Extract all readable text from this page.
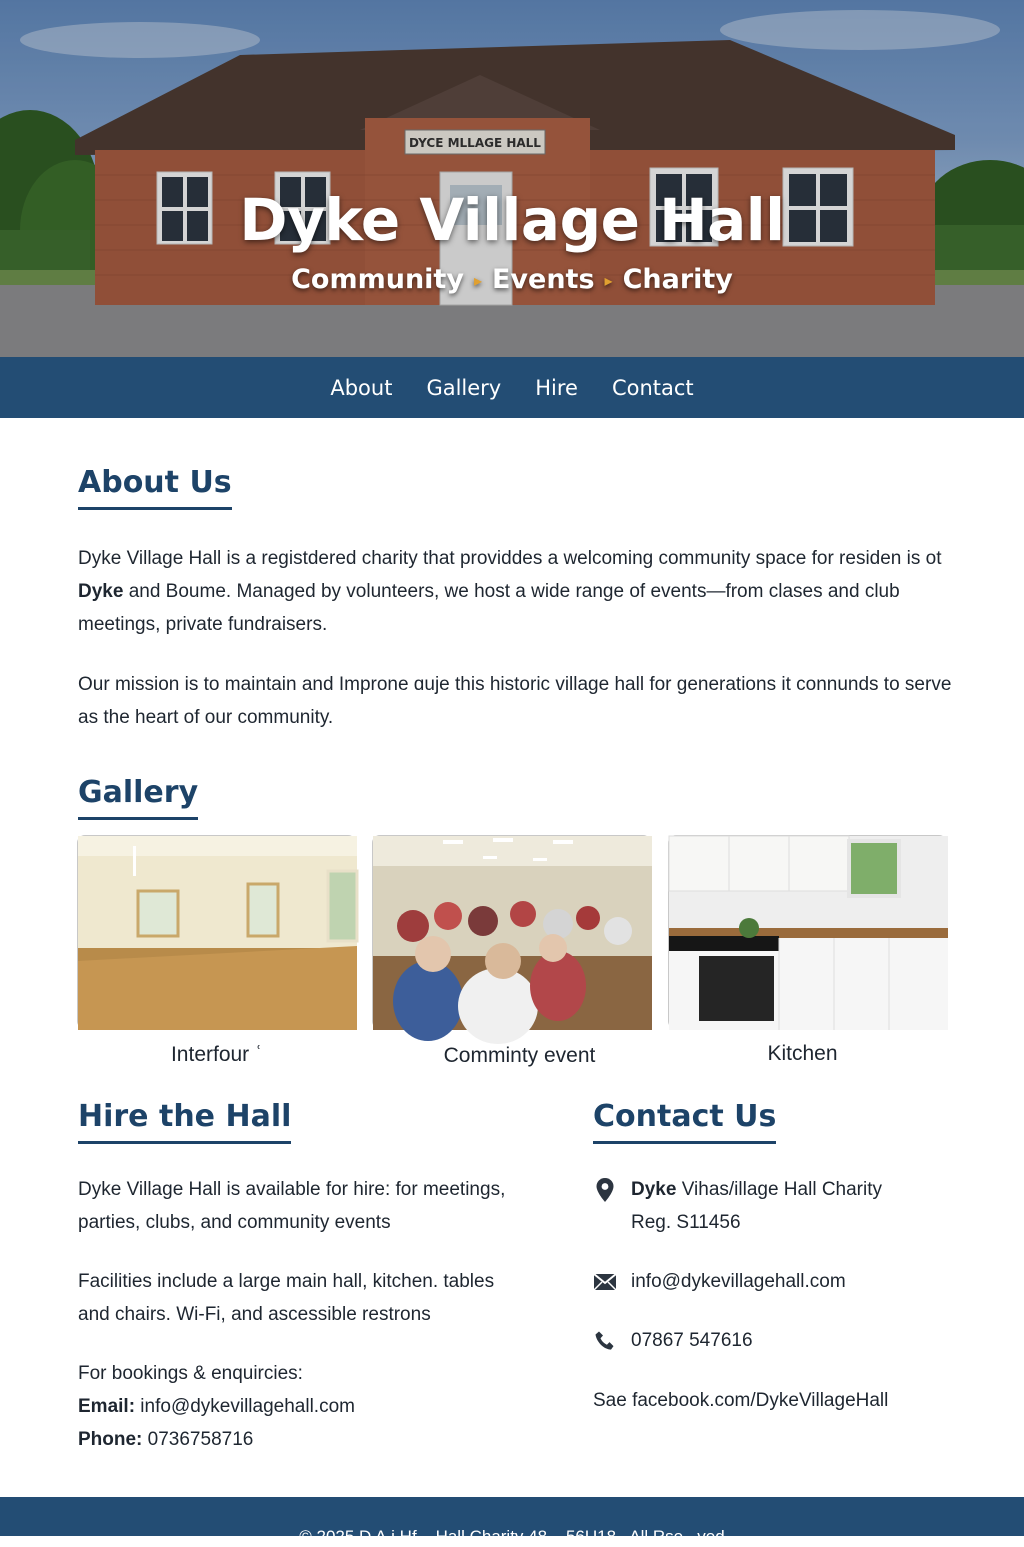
DYCE MLLAGE HALL
Dyke Village Hall
Community ▸ Events ▸ Charity
About Gallery Hire Contact
About Us
Dyke Village Hall is a registdered charity that providdes a welcoming community space for residen is ot Dyke and Boume. Managed by volunteers, we host a wide range of events—from clases and club meetings, private fundraisers.
Our mission is to maintain and Improne ɑuje this historic village hall for generations it connunds to serve as the heart of our community.
Gallery
Interfour ʿ	Comminty event	Kitchen
Hire the Hall
Dyke Village Hall is available for hire: for meetings, parties, clubs, and community events
Facilities include a large main hall, kitchen. tables and chairs. Wi-Fi, and ascessible restrons
For bookings & enquircies:
Email: info@dykevillagehall.com
Phone: 0736758716
Contact Us
Dyke Vihas/illage Hall Charity
Reg. S11456
info@dykevillagehall.com
07867 547616
Sae facebook.com/DykeVillageHall
© 2025 D A.i Hf... Hall Charity 48... 56U18 . All Rse...ved
